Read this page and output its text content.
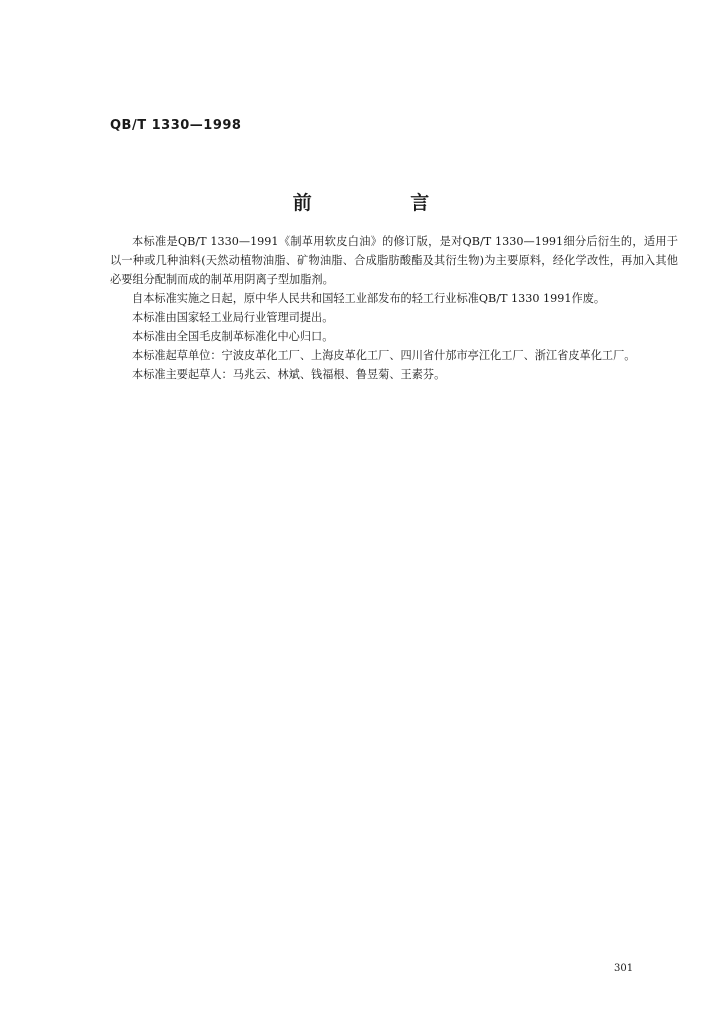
QB/T 1330—1998
前 言

本标准是QB/T 1330—1991《制革用软皮白油》的修订版，是对QB/T 1330—1991细分后衍生的，适用于以一种或几种油料(天然动植物油脂、矿物油脂、合成脂肪酸酯及其衍生物)为主要原料，经化学改性，再加入其他必要组分配制而成的制革用阴离子型加脂剂。

自本标准实施之日起，原中华人民共和国轻工业部发布的轻工行业标准QB/T 1330 1991作废。

本标准由国家轻工业局行业管理司提出。

本标准由全国毛皮制革标准化中心归口。

本标准起草单位：宁波皮革化工厂、上海皮革化工厂、四川省什邡市亭江化工厂、浙江省皮革化工厂。

本标准主要起草人：马兆云、林斌、钱福根、鲁昱菊、王素芬。

301
